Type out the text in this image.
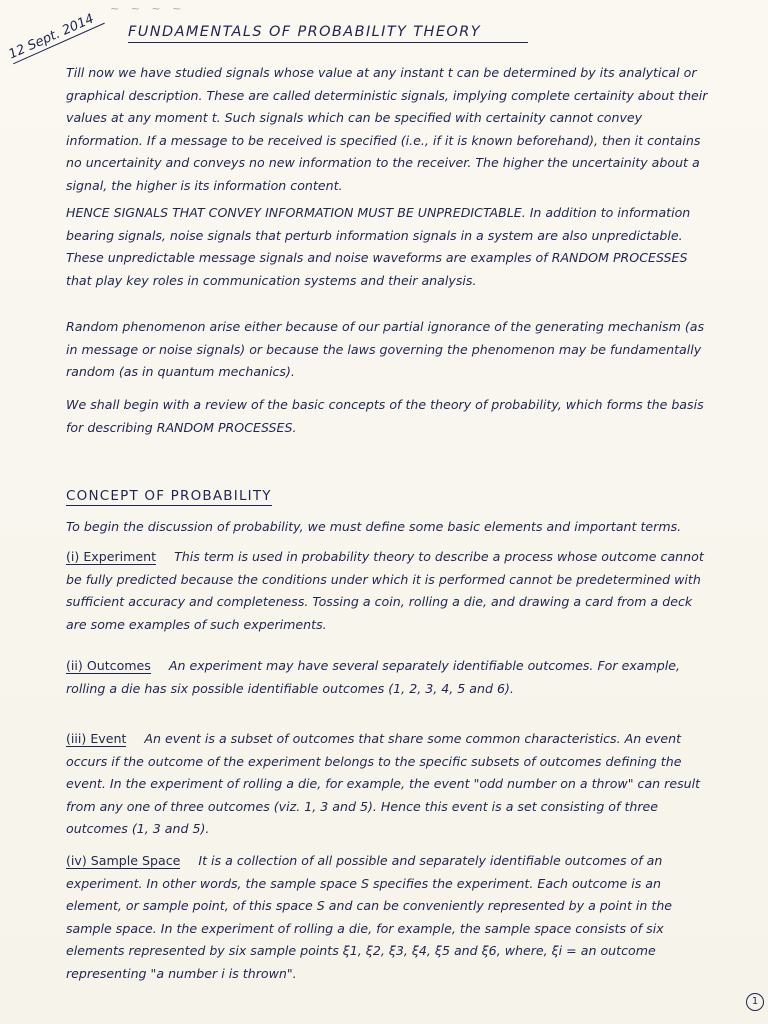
~ ~ ~ ~
12 Sept. 2014	FUNDAMENTALS OF PROBABILITY THEORY

Till now we have studied signals whose value at any instant t can be determined by its analytical or graphical description. These are called deterministic signals, implying complete certainity about their values at any moment t. Such signals which can be specified with certainity cannot convey information. If a message to be received is specified (i.e., if it is known beforehand), then it contains no uncertainity and conveys no new information to the receiver. The higher the uncertainity about a signal, the higher is its information content.

HENCE SIGNALS THAT CONVEY INFORMATION MUST BE UNPREDICTABLE. In addition to information bearing signals, noise signals that perturb information signals in a system are also unpredictable. These unpredictable message signals and noise waveforms are examples of RANDOM PROCESSES that play key roles in communication systems and their analysis.

Random phenomenon arise either because of our partial ignorance of the generating mechanism (as in message or noise signals) or because the laws governing the phenomenon may be fundamentally random (as in quantum mechanics).

We shall begin with a review of the basic concepts of the theory of probability, which forms the basis for describing RANDOM PROCESSES.

CONCEPT OF PROBABILITY

To begin the discussion of probability, we must define some basic elements and important terms.

(i) Experiment This term is used in probability theory to describe a process whose outcome cannot be fully predicted because the conditions under which it is performed cannot be predetermined with sufficient accuracy and completeness. Tossing a coin, rolling a die, and drawing a card from a deck are some examples of such experiments.

(ii) Outcomes An experiment may have several separately identifiable outcomes. For example, rolling a die has six possible identifiable outcomes (1, 2, 3, 4, 5 and 6).

(iii) Event An event is a subset of outcomes that share some common characteristics. An event occurs if the outcome of the experiment belongs to the specific subsets of outcomes defining the event. In the experiment of rolling a die, for example, the event "odd number on a throw" can result from any one of three outcomes (viz. 1, 3 and 5). Hence this event is a set consisting of three outcomes (1, 3 and 5).

(iv) Sample Space It is a collection of all possible and separately identifiable outcomes of an experiment. In other words, the sample space S specifies the experiment. Each outcome is an element, or sample point, of this space S and can be conveniently represented by a point in the sample space. In the experiment of rolling a die, for example, the sample space consists of six elements represented by six sample points ξ1, ξ2, ξ3, ξ4, ξ5 and ξ6, where, ξi = an outcome representing "a number i is thrown".

1
